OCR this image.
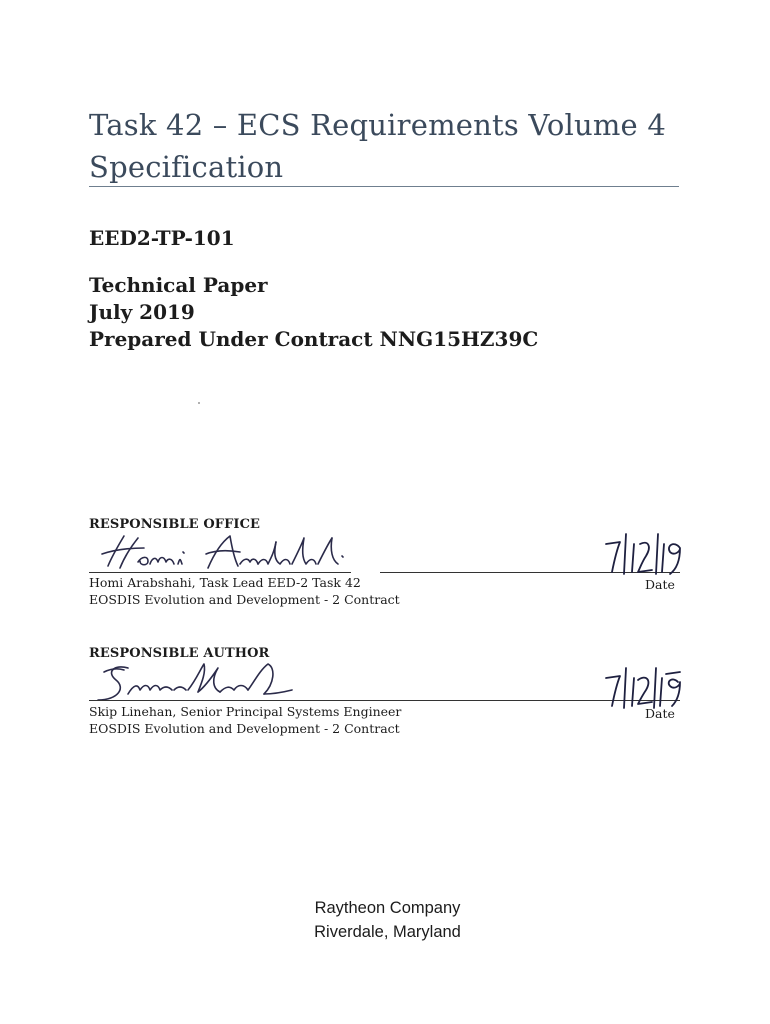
Task 42 – ECS Requirements Volume 4
Specification
EED2-TP-101
Technical Paper
July 2019
Prepared Under Contract NNG15HZ39C
RESPONSIBLE OFFICE
Date
Homi Arabshahi, Task Lead EED-2 Task 42
EOSDIS Evolution and Development - 2 Contract
RESPONSIBLE AUTHOR
Date
Skip Linehan, Senior Principal Systems Engineer
EOSDIS Evolution and Development - 2 Contract
Raytheon Company
Riverdale, Maryland
